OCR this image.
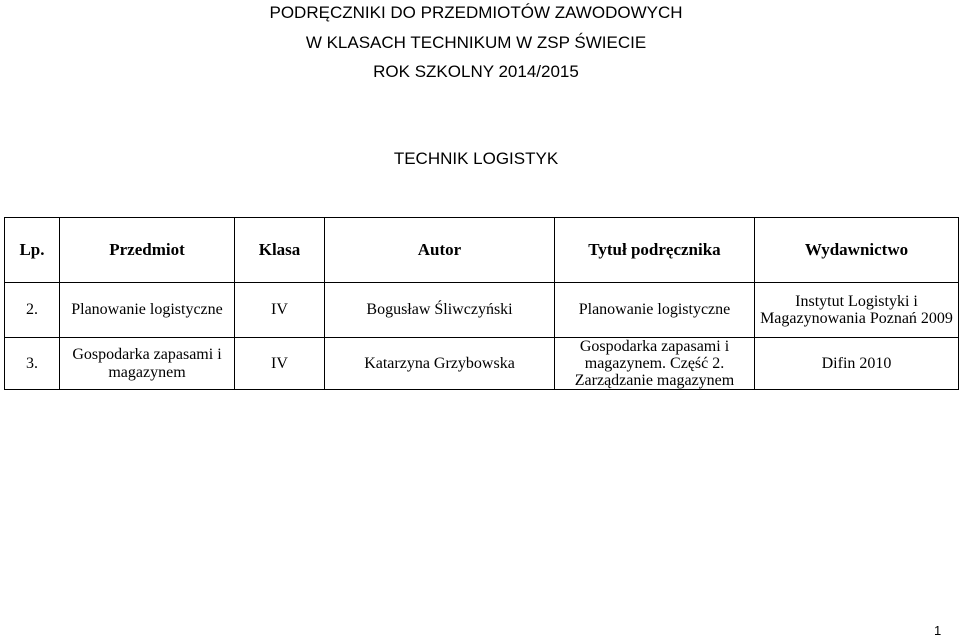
PODRĘCZNIKI DO PRZEDMIOTÓW ZAWODOWYCH
W KLASACH TECHNIKUM W ZSP ŚWIECIE
ROK SZKOLNY 2014/2015
TECHNIK LOGISTYK
Lp.	Przedmiot	Klasa	Autor	Tytuł podręcznika	Wydawnictwo
2.	Planowanie logistyczne	IV	Bogusław Śliwczyński	Planowanie logistyczne	Instytut Logistyki i Magazynowania Poznań 2009
3.	Gospodarka zapasami i magazynem	IV	Katarzyna Grzybowska	Gospodarka zapasami i magazynem. Część 2. Zarządzanie magazynem	Difin 2010
1
